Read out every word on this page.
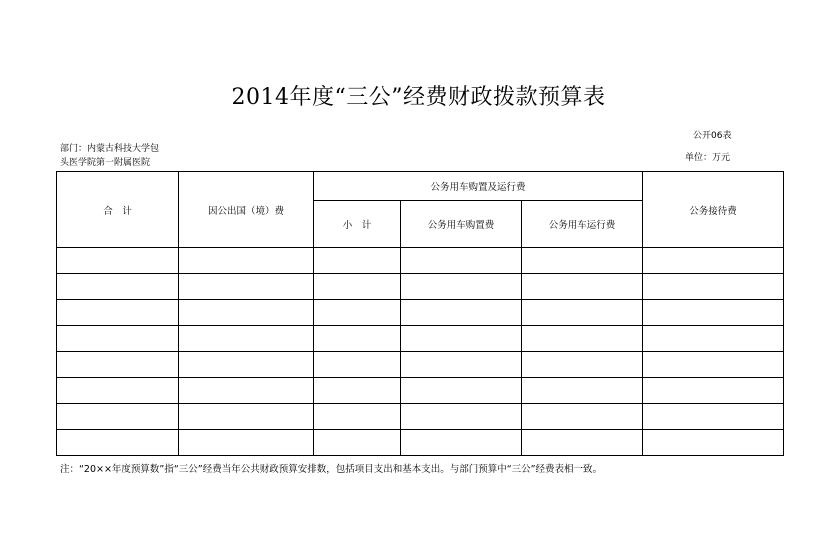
2014年度“三公”经费财政拨款预算表
公开06表
部门：内蒙古科技大学包
头医学院第一附属医院	单位：万元
合　计	因公出国（境）费	公务用车购置及运行费			公务接待费
		小　计	公务用车购置费	公务用车运行费	

注：“20××年度预算数”指“三公”经费当年公共财政预算安排数，包括项目支出和基本支出。与部门预算中“三公”经费表相一致。
